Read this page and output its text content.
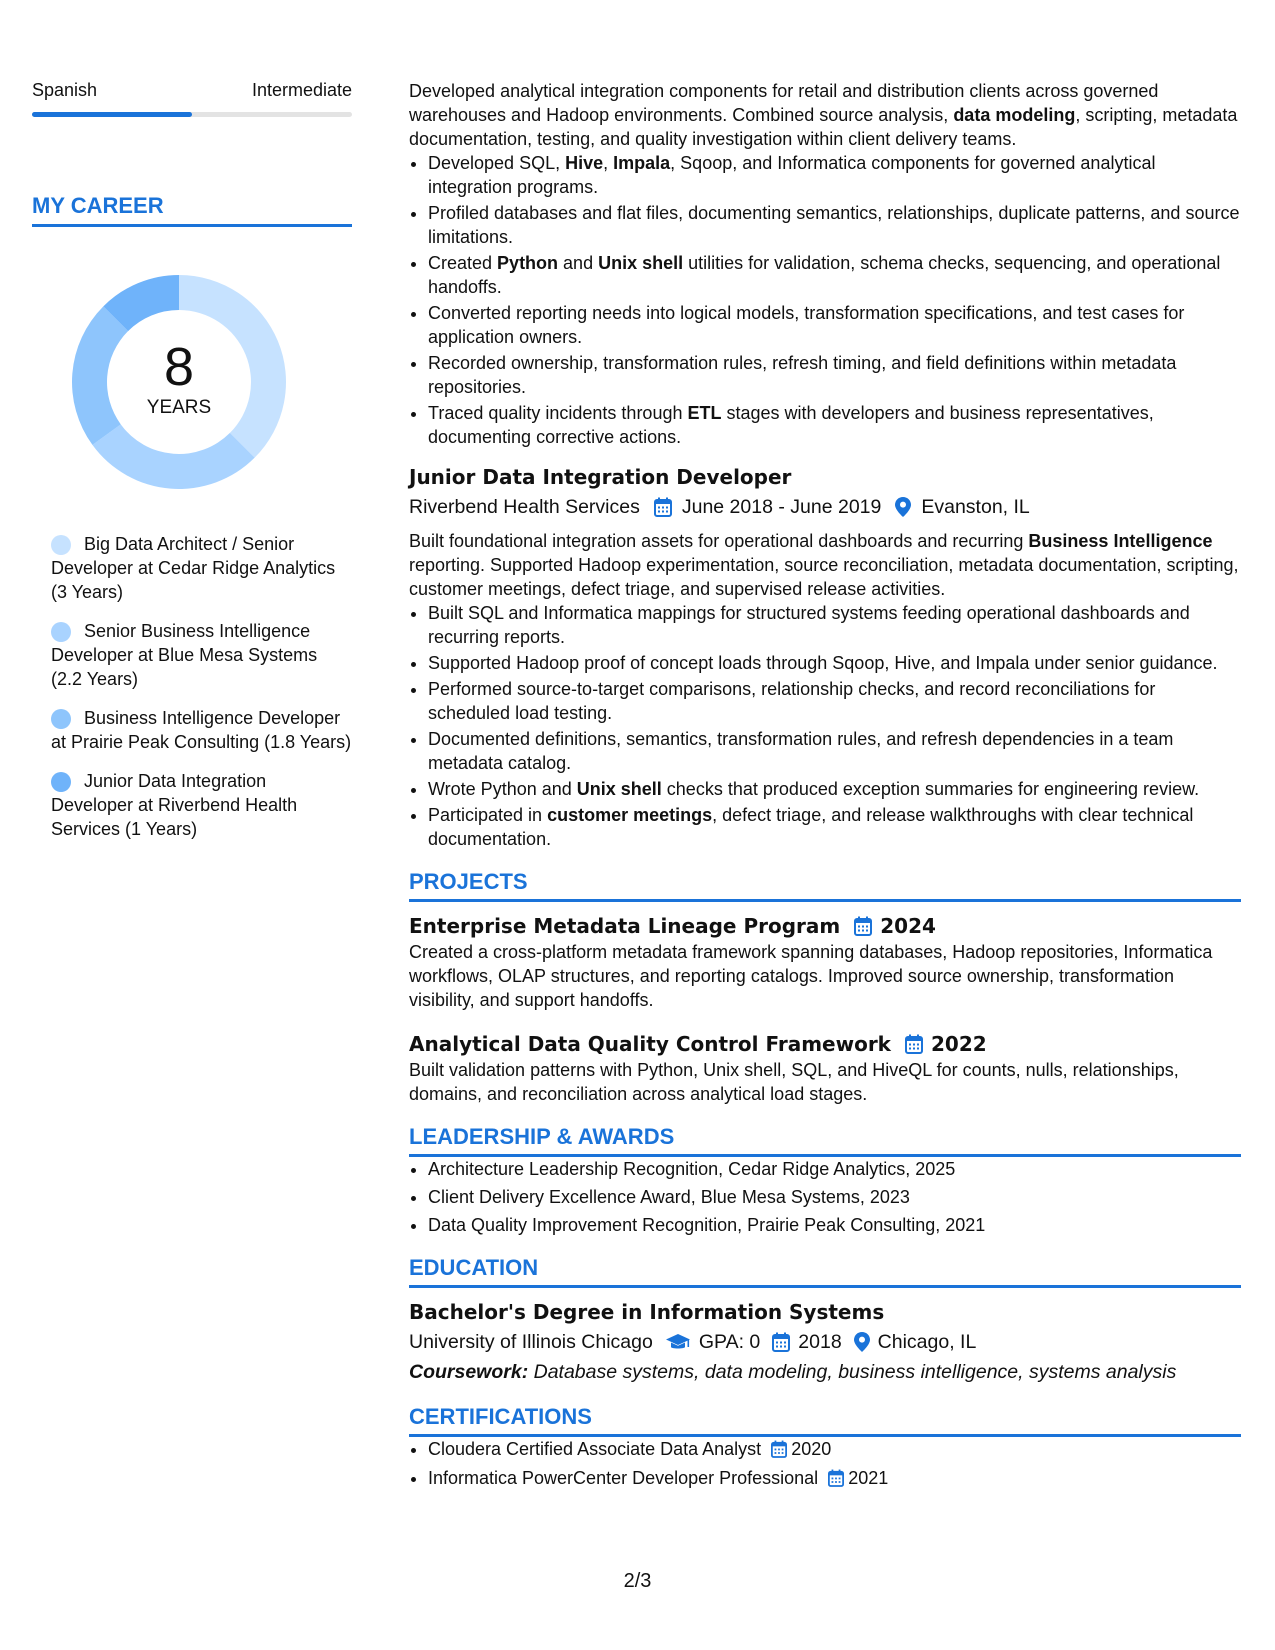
Spanish	Intermediate
MY CAREER
8
YEARS
Big Data Architect / Senior Developer at Cedar Ridge Analytics (3 Years)
Senior Business Intelligence Developer at Blue Mesa Systems (2.2 Years)
Business Intelligence Developer at Prairie Peak Consulting (1.8 Years)
Junior Data Integration Developer at Riverbend Health Services (1 Years)

Developed analytical integration components for retail and distribution clients across governed warehouses and Hadoop environments. Combined source analysis, data modeling, scripting, metadata documentation, testing, and quality investigation within client delivery teams.

• Developed SQL, Hive, Impala, Sqoop, and Informatica components for governed analytical integration programs.
• Profiled databases and flat files, documenting semantics, relationships, duplicate patterns, and source limitations.
• Created Python and Unix shell utilities for validation, schema checks, sequencing, and operational handoffs.
• Converted reporting needs into logical models, transformation specifications, and test cases for application owners.
• Recorded ownership, transformation rules, refresh timing, and field definitions within metadata repositories.
• Traced quality incidents through ETL stages with developers and business representatives, documenting corrective actions.
Junior Data Integration Developer
Riverbend Health Services June 2018 - June 2019 Evanston, IL

Built foundational integration assets for operational dashboards and recurring Business Intelligence reporting. Supported Hadoop experimentation, source reconciliation, metadata documentation, scripting, customer meetings, defect triage, and supervised release activities.

• Built SQL and Informatica mappings for structured systems feeding operational dashboards and recurring reports.
• Supported Hadoop proof of concept loads through Sqoop, Hive, and Impala under senior guidance.
• Performed source-to-target comparisons, relationship checks, and record reconciliations for scheduled load testing.
• Documented definitions, semantics, transformation rules, and refresh dependencies in a team metadata catalog.
• Wrote Python and Unix shell checks that produced exception summaries for engineering review.
• Participated in customer meetings, defect triage, and release walkthroughs with clear technical documentation.
PROJECTS
Enterprise Metadata Lineage Program 2024

Created a cross-platform metadata framework spanning databases, Hadoop repositories, Informatica workflows, OLAP structures, and reporting catalogs. Improved source ownership, transformation visibility, and support handoffs.

Analytical Data Quality Control Framework 2022

Built validation patterns with Python, Unix shell, SQL, and HiveQL for counts, nulls, relationships, domains, and reconciliation across analytical load stages.

LEADERSHIP & AWARDS
• Architecture Leadership Recognition, Cedar Ridge Analytics, 2025
• Client Delivery Excellence Award, Blue Mesa Systems, 2023
• Data Quality Improvement Recognition, Prairie Peak Consulting, 2021
EDUCATION
Bachelor's Degree in Information Systems
University of Illinois Chicago GPA: 0 2018 Chicago, IL
Coursework: Database systems, data modeling, business intelligence, systems analysis
CERTIFICATIONS
• Cloudera Certified Associate Data Analyst 2020
• Informatica PowerCenter Developer Professional 2021
2/3
